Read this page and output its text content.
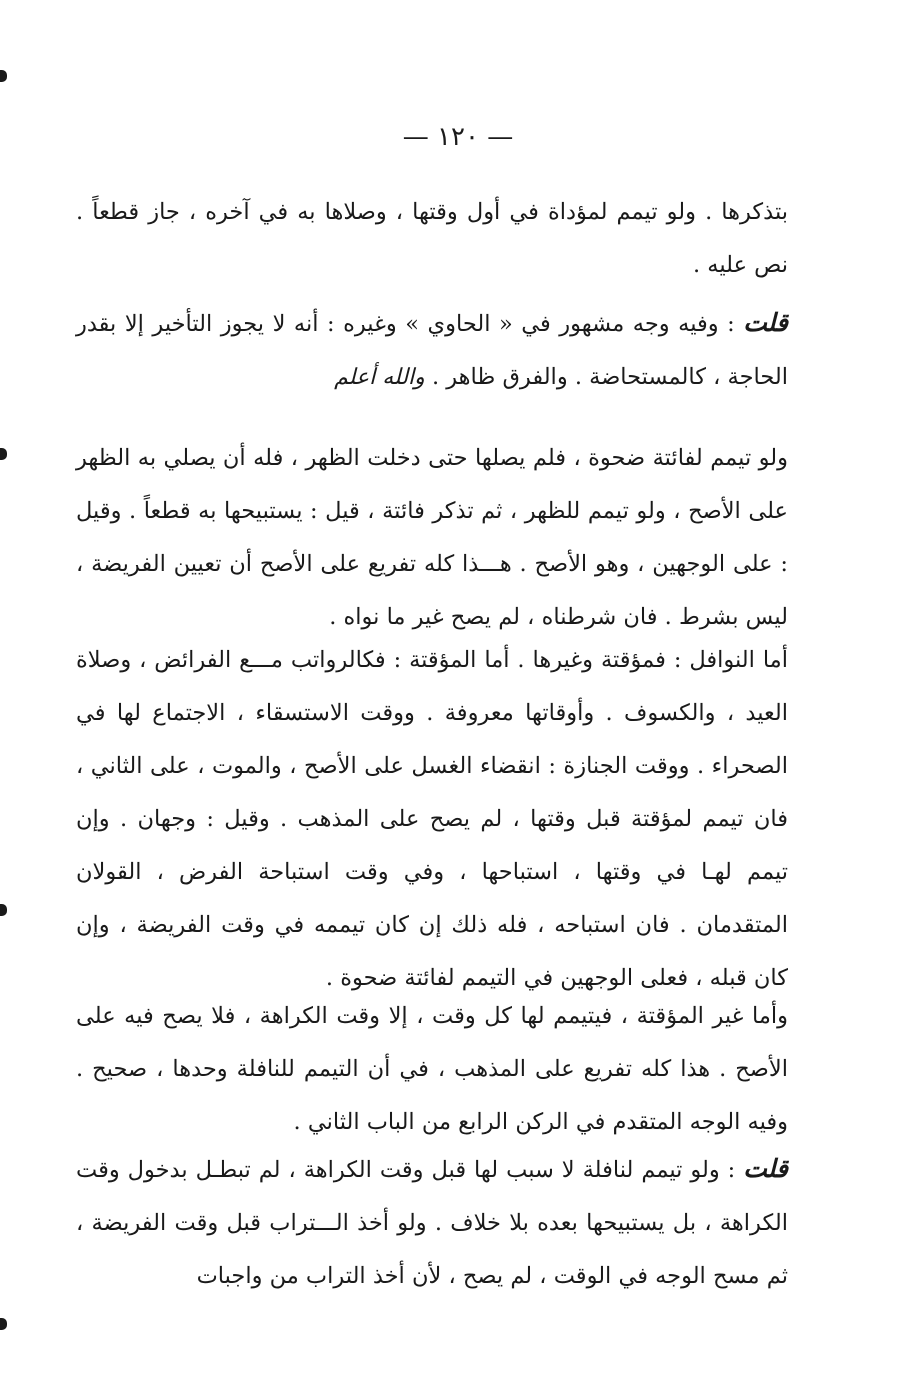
— ١٢٠ —

بتذكرها . ولو تيمم لمؤداة في أول وقتها ، وصلاها به في آخره ، جاز قطعاً . نص عليه .

قلت : وفيه وجه مشهور في « الحاوي » وغيره : أنه لا يجوز التأخير إلا بقدر الحاجة ، كالمستحاضة . والفرق ظاهر . والله أعلم

ولو تيمم لفائتة ضحوة ، فلم يصلها حتى دخلت الظهر ، فله أن يصلي به الظهر على الأصح ، ولو تيمم للظهر ، ثم تذكر فائتة ، قيل : يستبيحها به قطعاً . وقيل : على الوجهين ، وهو الأصح . هـــذا كله تفريع على الأصح أن تعيين الفريضة ، ليس بشرط . فان شرطناه ، لم يصح غير ما نواه .

أما النوافل : فمؤقتة وغيرها . أما المؤقتة : فكالرواتب مـــع الفرائض ، وصلاة العيد ، والكسوف . وأوقاتها معروفة . ووقت الاستسقاء ، الاجتماع لها في الصحراء . ووقت الجنازة : انقضاء الغسل على الأصح ، والموت ، على الثاني ، فان تيمم لمؤقتة قبل وقتها ، لم يصح على المذهب . وقيل : وجهان . وإن تيمم لهـا في وقتها ، استباحها ، وفي وقت استباحة الفرض ، القولان المتقدمان . فان استباحه ، فله ذلك إن كان تيممه في وقت الفريضة ، وإن كان قبله ، فعلى الوجهين في التيمم لفائتة ضحوة .

وأما غير المؤقتة ، فيتيمم لها كل وقت ، إلا وقت الكراهة ، فلا يصح فيه على الأصح . هذا كله تفريع على المذهب ، في أن التيمم للنافلة وحدها ، صحيح . وفيه الوجه المتقدم في الركن الرابع من الباب الثاني .

قلت : ولو تيمم لنافلة لا سبب لها قبل وقت الكراهة ، لم تبطـل بدخول وقت الكراهة ، بل يستبيحها بعده بلا خلاف . ولو أخذ الـــتراب قبل وقت الفريضة ، ثم مسح الوجه في الوقت ، لم يصح ، لأن أخذ التراب من واجبات
